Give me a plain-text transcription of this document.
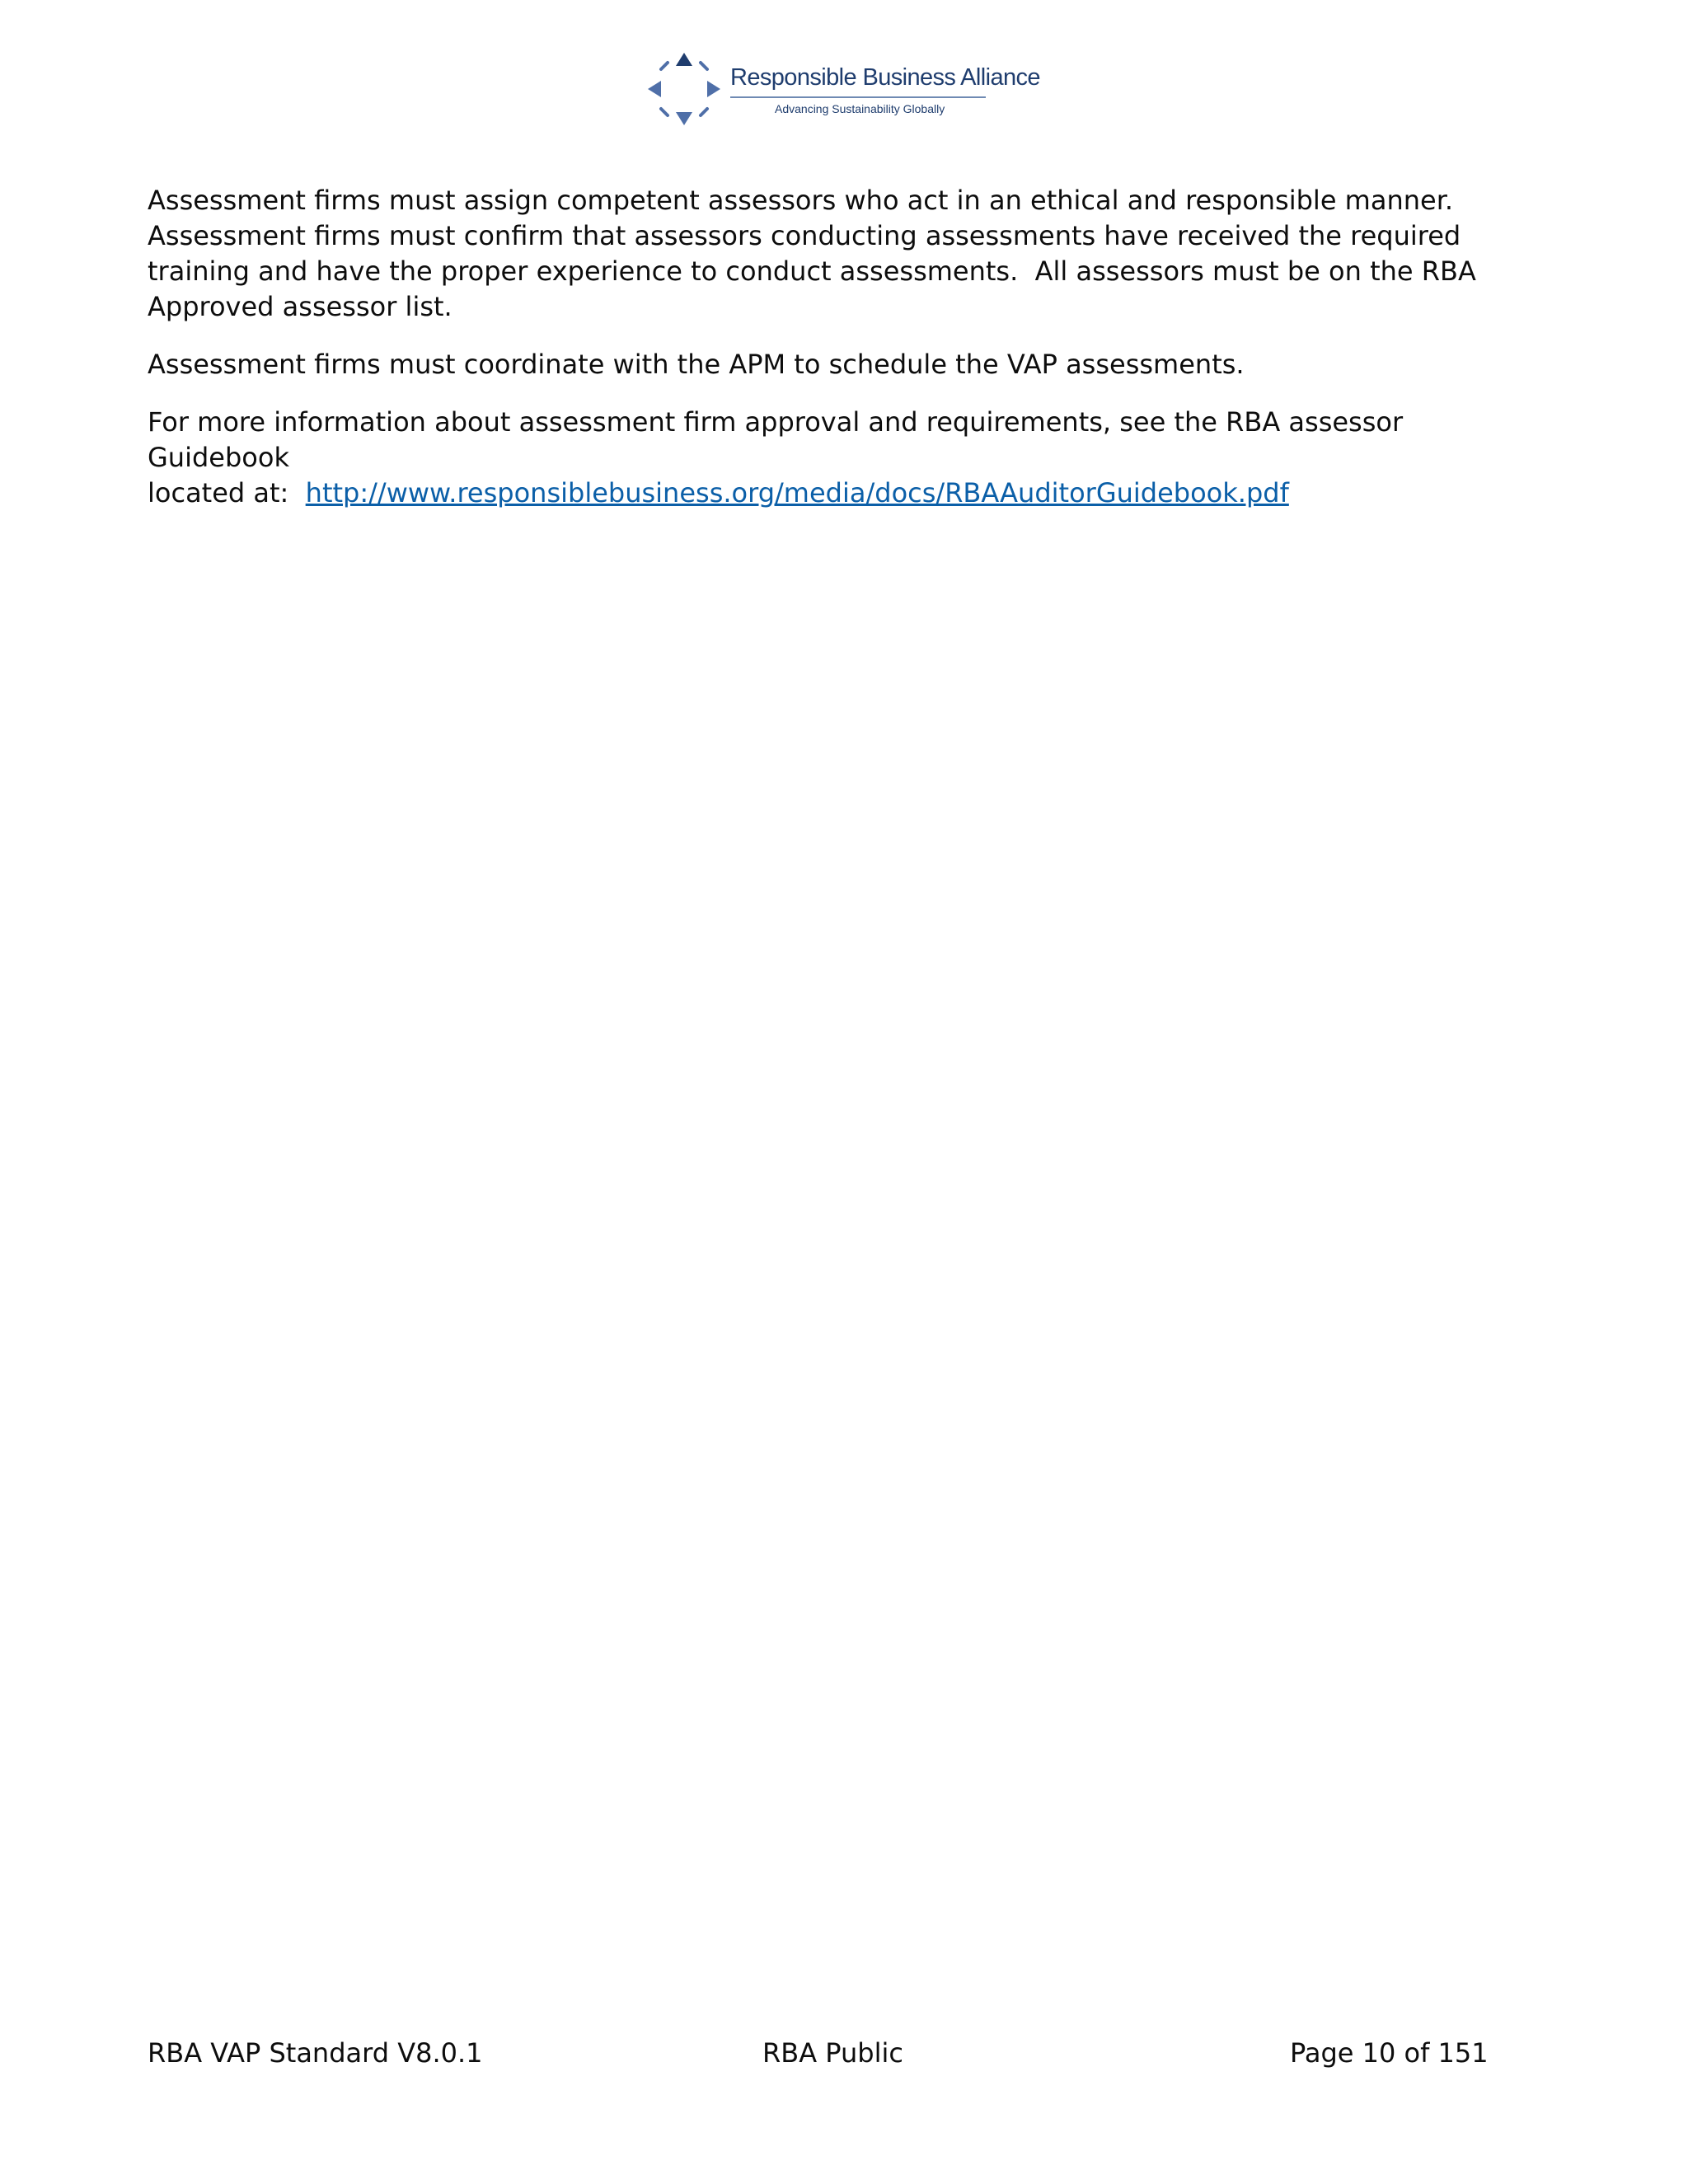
Responsible Business Alliance
Advancing Sustainability Globally

Assessment firms must assign competent assessors who act in an ethical and responsible manner.
Assessment firms must confirm that assessors conducting assessments have received the required
training and have the proper experience to conduct assessments.  All assessors must be on the RBA
Approved assessor list.

Assessment firms must coordinate with the APM to schedule the VAP assessments.

For more information about assessment firm approval and requirements, see the RBA assessor Guidebook
located at:  http://www.responsiblebusiness.org/media/docs/RBAAuditorGuidebook.pdf

RBA VAP Standard V8.0.1	RBA Public	Page 10 of 151
